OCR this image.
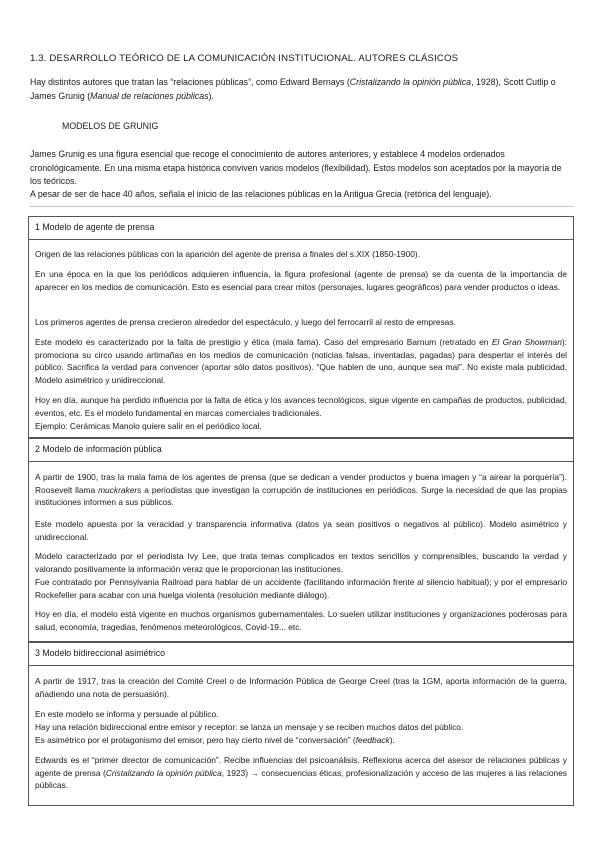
1.3. DESARROLLO TEÓRICO DE LA COMUNICACIÓN INSTITUCIONAL. AUTORES CLÁSICOS
Hay distintos autores que tratan las “relaciones públicas”, como Edward Bernays (Cristalizando la opinión pública, 1928), Scott Cutlip o James Grunig (Manual de relaciones públicas).
MODELOS DE GRUNIG
James Grunig es una figura esencial que recoge el conocimiento de autores anteriores, y establece 4 modelos ordenados cronológicamente. En una misma etapa histórica conviven varios modelos (flexibilidad). Estos modelos son aceptados por la mayoría de los teóricos.
A pesar de ser de hace 40 años, señala el inicio de las relaciones públicas en la Antigua Grecia (retórica del lenguaje).
1 Modelo de agente de prensa
Origen de las relaciones públicas con la aparición del agente de prensa a finales del s.XIX (1850-1900).
En una época en la que los periódicos adquieren influencia, la figura profesional (agente de prensa) se da cuenta de la importancia de aparecer en los medios de comunicación. Esto es esencial para crear mitos (personajes, lugares geográficos) para vender productos o ideas.
Los primeros agentes de prensa crecieron alrededor del espectáculo, y luego del ferrocarril al resto de empresas.
Este modelo es caracterizado por la falta de prestigio y ética (mala fama). Caso del empresario Barnum (retratado en El Gran Showman): promociona su circo usando artimañas en los medios de comunicación (noticias falsas, inventadas, pagadas) para despertar el interés del público. Sacrifica la verdad para convencer (aportar sólo datos positivos). “Que hablen de uno, aunque sea mal”. No existe mala publicidad. Modelo asimétrico y unidireccional.
Hoy en día, aunque ha perdido influencia por la falta de ética y los avances tecnológicos, sigue vigente en campañas de productos, publicidad, eventos, etc. Es el modelo fundamental en marcas comerciales tradicionales.
Ejemplo: Cerámicas Manolo quiere salir en el periódico local.
2 Modelo de información pública
A partir de 1900, tras la mala fama de los agentes de prensa (que se dedican a vender productos y buena imagen y “a airear la porquería”). Roosevelt llama muckrakers a periodistas que investigan la corrupción de instituciones en periódicos. Surge la necesidad de que las propias instituciones informen a sus públicos.
Este modelo apuesta por la veracidad y transparencia informativa (datos ya sean positivos o negativos al público). Modelo asimétrico y unidireccional.
Modelo caracterizado por el periodista Ivy Lee, que trata temas complicados en textos sencillos y comprensibles, buscando la verdad y valorando positivamente la información veraz que le proporcionan las instituciones.
Fue contratado por Pennsylvania Railroad para hablar de un accidente (facilitando información frente al silencio habitual); y por el empresario Rockefeller para acabar con una huelga violenta (resolución mediante diálogo).
Hoy en día, el modelo está vigente en muchos organismos gubernamentales. Lo suelen utilizar instituciones y organizaciones poderosas para salud, economía, tragedias, fenómenos meteorológicos, Covid-19... etc.
3 Modelo bidireccional asimétrico
A partir de 1917, tras la creación del Comité Creel o de Información Pública de George Creel (tras la 1GM, aporta información de la guerra, añadiendo una nota de persuasión).
En este modelo se informa y persuade al público.
Hay una relación bidireccional entre emisor y receptor: se lanza un mensaje y se reciben muchos datos del público.
Es asimétrico por el protagonismo del emisor, pero hay cierto nivel de “conversación” (feedback).
Edwards es el “primer director de comunicación”. Recibe influencias del psicoanálisis. Reflexiona acerca del asesor de relaciones públicas y agente de prensa (Cristalizando la opinión pública, 1923) → consecuencias éticas, profesionalización y acceso de las mujeres a las relaciones públicas.
